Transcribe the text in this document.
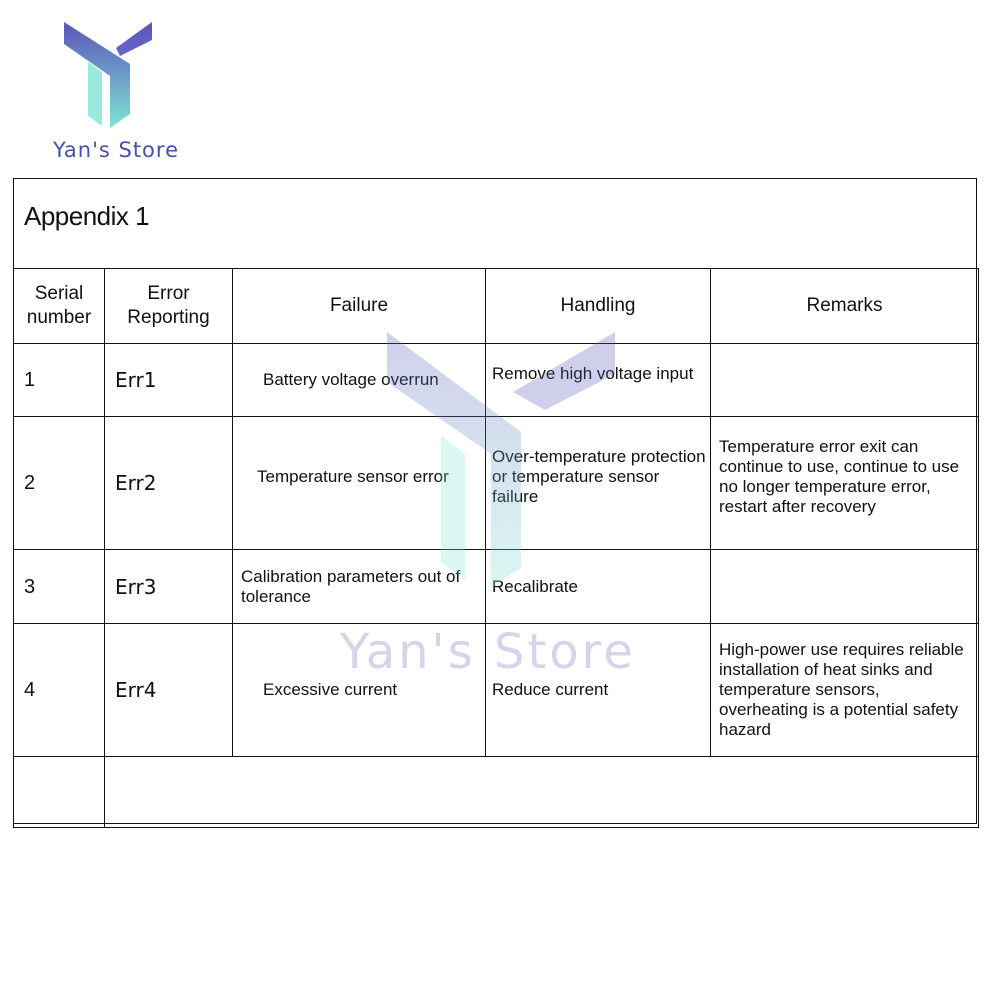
Yan's Store
Appendix 1
Serial number	Error Reporting	Failure	Handling	Remarks
1	Err1	Battery voltage overrun	Remove high voltage input	

2	Err2	Temperature sensor error	Over-temperature protection or temperature sensor failure	Temperature error exit can continue to use, continue to use no longer temperature error, restart after recovery

3	Err3	Calibration parameters out of tolerance	Recalibrate	
4	Err4	Excessive current	Reduce current	High-power use requires reliable installation of heat sinks and temperature sensors, overheating is a potential safety hazard

Yan's Store
